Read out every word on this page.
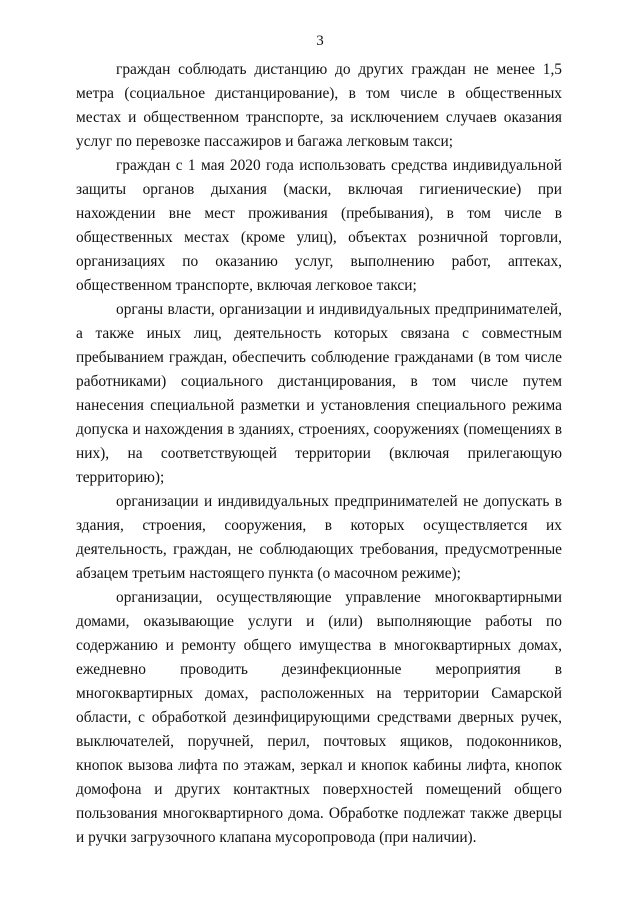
3

граждан соблюдать дистанцию до других граждан не менее 1,5 метра (социальное дистанцирование), в том числе в общественных местах и общественном транспорте, за исключением случаев оказания услуг по перевозке пассажиров и багажа легковым такси;

граждан с 1 мая 2020 года использовать средства индивидуальной защиты органов дыхания (маски, включая гигиенические) при нахождении вне мест проживания (пребывания), в том числе в общественных местах (кроме улиц), объектах розничной торговли, организациях по оказанию услуг, выполнению работ, аптеках, общественном транспорте, включая легковое такси;

органы власти, организации и индивидуальных предпринимателей, а также иных лиц, деятельность которых связана с совместным пребыванием граждан, обеспечить соблюдение гражданами (в том числе работниками) социального дистанцирования, в том числе путем нанесения специальной разметки и установления специального режима допуска и нахождения в зданиях, строениях, сооружениях (помещениях в них), на соответствующей территории (включая прилегающую территорию);

организации и индивидуальных предпринимателей не допускать в здания, строения, сооружения, в которых осуществляется их деятельность, граждан, не соблюдающих требования, предусмотренные абзацем третьим настоящего пункта (о масочном режиме);

организации, осуществляющие управление многоквартирными домами, оказывающие услуги и (или) выполняющие работы по содержанию и ремонту общего имущества в многоквартирных домах, ежедневно проводить дезинфекционные мероприятия в многоквартирных домах, расположенных на территории Самарской области, с обработкой дезинфицирующими средствами дверных ручек, выключателей, поручней, перил, почтовых ящиков, подоконников, кнопок вызова лифта по этажам, зеркал и кнопок кабины лифта, кнопок домофона и других контактных поверхностей помещений общего пользования многоквартирного дома. Обработке подлежат также дверцы и ручки загрузочного клапана мусоропровода (при наличии).
